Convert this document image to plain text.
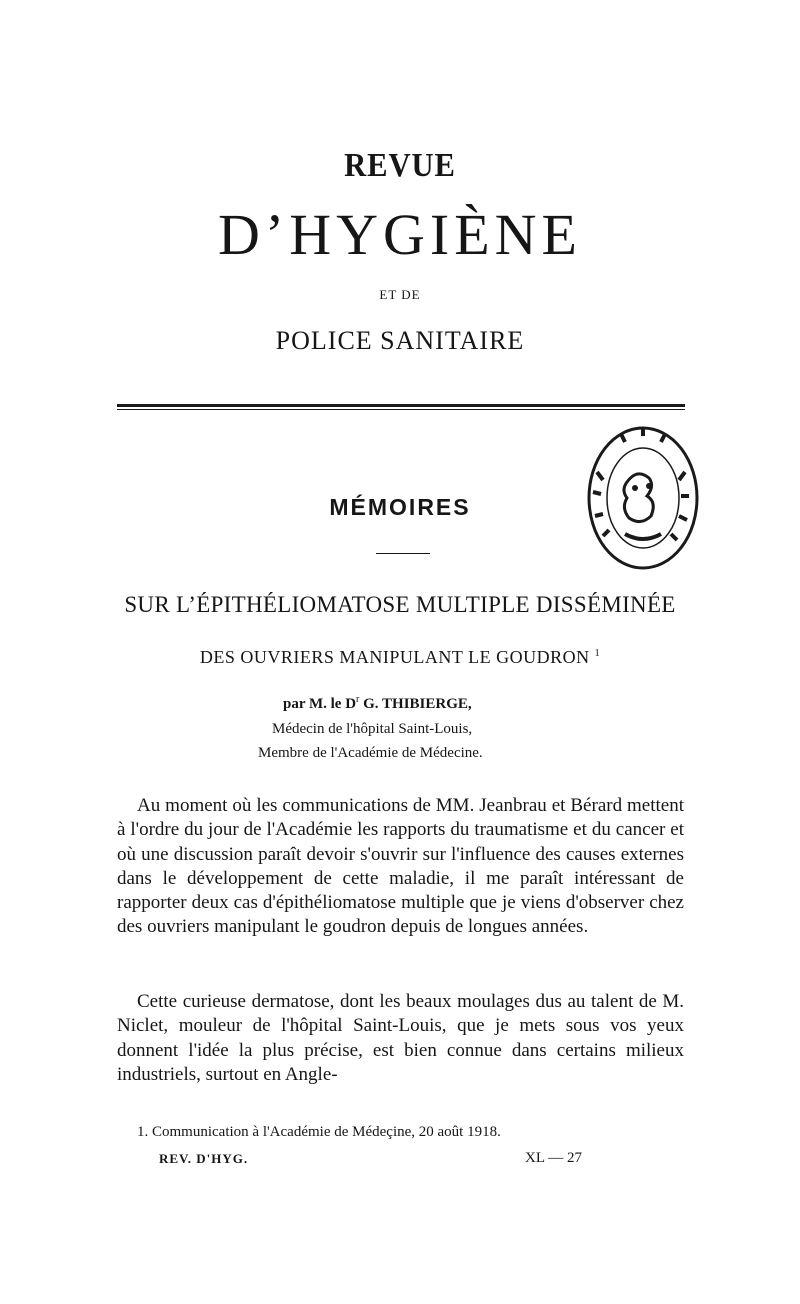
REVUE
D’HYGIÈNE
ET DE
POLICE SANITAIRE
MÉMOIRES
SUR L’ÉPITHÉLIOMATOSE MULTIPLE DISSÉMINÉE
DES OUVRIERS MANIPULANT LE GOUDRON $^1$
par M. le $D^r$ G. THIBIERGE,
Médecin de l'hôpital Saint-Louis,
Membre de l'Académie de Médecine.
Au moment où les communications de MM. Jeanbrau et Bérard mettent à l'ordre du jour de l'Académie les rapports du traumatisme et du cancer et où une discussion paraît devoir s'ouvrir sur l'influence des causes externes dans le développement de cette maladie, il me paraît intéressant de rapporter deux cas d'épithéliomatose multiple que je viens d'observer chez des ouvriers manipulant le goudron depuis de longues années.
Cette curieuse dermatose, dont les beaux moulages dus au talent de M. Niclet, mouleur de l'hôpital Saint-Louis, que je mets sous vos yeux donnent l'idée la plus précise, est bien connue dans certains milieux industriels, surtout en Angle-
1. Communication à l'Académie de Médeçine, 20 août 1918.
REV. D'HYG.	XL — 27
